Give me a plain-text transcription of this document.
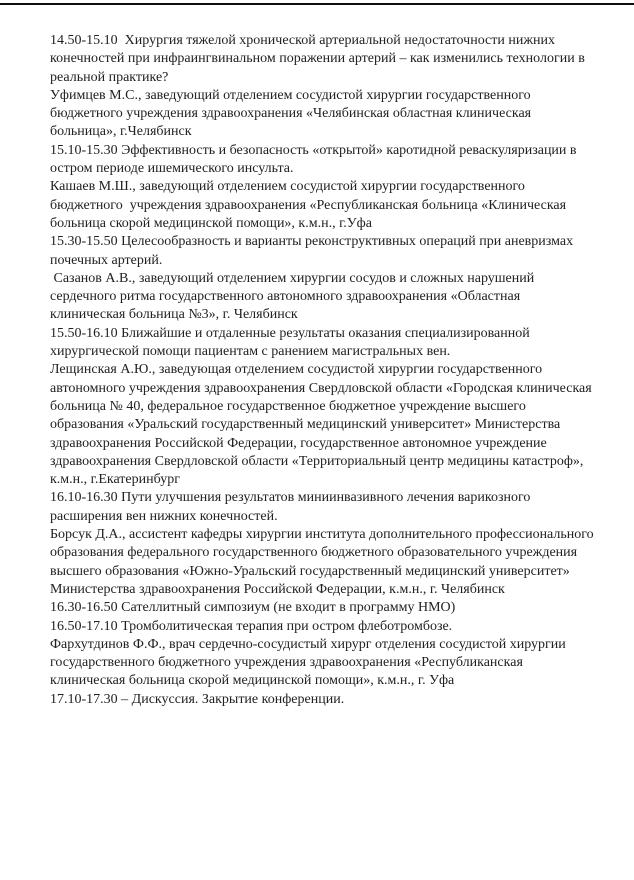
14.50-15.10  Хирургия тяжелой хронической артериальной недостаточности нижних
конечностей при инфраингвинальном поражении артерий – как изменились технологии в
реальной практике?
Уфимцев М.С., заведующий отделением сосудистой хирургии государственного
бюджетного учреждения здравоохранения «Челябинская областная клиническая
больница», г.Челябинск
15.10-15.30 Эффективность и безопасность «открытой» каротидной реваскуляризации в
остром периоде ишемического инсульта.
Кашаев М.Ш., заведующий отделением сосудистой хирургии государственного
бюджетного  учреждения здравоохранения «Республиканская больница «Клиническая
больница скорой медицинской помощи», к.м.н., г.Уфа
15.30-15.50 Целесообразность и варианты реконструктивных операций при аневризмах
почечных артерий.
Сазанов А.В., заведующий отделением хирургии сосудов и сложных нарушений
сердечного ритма государственного автономного здравоохранения «Областная
клиническая больница №3», г. Челябинск
15.50-16.10 Ближайшие и отдаленные результаты оказания специализированной
хирургической помощи пациентам с ранением магистральных вен.
Лещинская А.Ю., заведующая отделением сосудистой хирургии государственного
автономного учреждения здравоохранения Свердловской области «Городская клиническая
больница № 40, федеральное государственное бюджетное учреждение высшего
образования «Уральский государственный медицинский университет» Министерства
здравоохранения Российской Федерации, государственное автономное учреждение
здравоохранения Свердловской области «Территориальный центр медицины катастроф»,
к.м.н., г.Екатеринбург
16.10-16.30 Пути улучшения результатов миниинвазивного лечения варикозного
расширения вен нижних конечностей.
Борсук Д.А., ассистент кафедры хирургии института дополнительного профессионального
образования федерального государственного бюджетного образовательного учреждения
высшего образования «Южно-Уральский государственный медицинский университет»
Министерства здравоохранения Российской Федерации, к.м.н., г. Челябинск
16.30-16.50 Сателлитный симпозиум (не входит в программу НМО)
16.50-17.10 Тромболитическая терапия при остром флеботромбозе.
Фархутдинов Ф.Ф., врач сердечно-сосудистый хирург отделения сосудистой хирургии
государственного бюджетного учреждения здравоохранения «Республиканская
клиническая больница скорой медицинской помощи», к.м.н., г. Уфа
17.10-17.30 – Дискуссия. Закрытие конференции.
